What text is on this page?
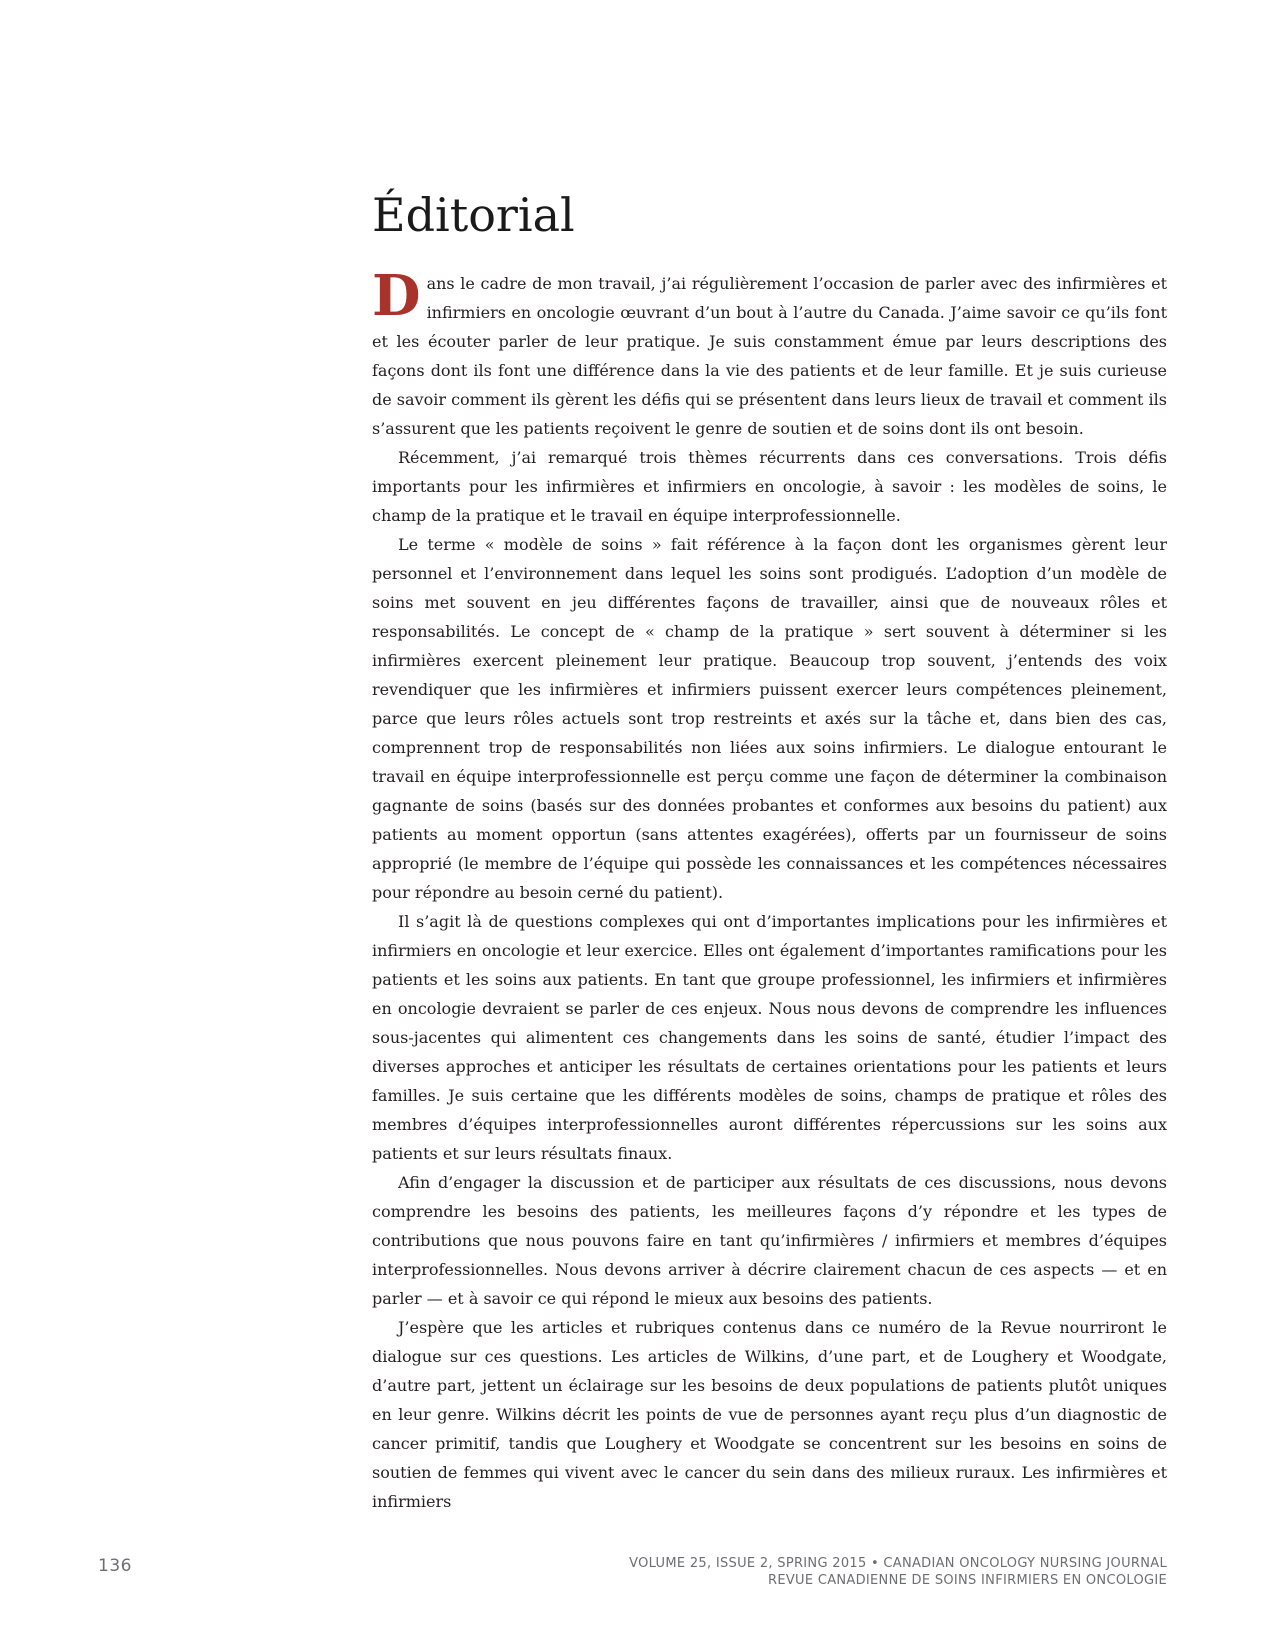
Éditorial

Dans le cadre de mon travail, j’ai régulièrement l’occasion de parler avec des infirmières et infirmiers en oncologie œuvrant d’un bout à l’autre du Canada. J’aime savoir ce qu’ils font et les écouter parler de leur pratique. Je suis constamment émue par leurs descriptions des façons dont ils font une différence dans la vie des patients et de leur famille. Et je suis curieuse de savoir comment ils gèrent les défis qui se présentent dans leurs lieux de travail et comment ils s’assurent que les patients reçoivent le genre de soutien et de soins dont ils ont besoin.

Récemment, j’ai remarqué trois thèmes récurrents dans ces conversations. Trois défis importants pour les infirmières et infirmiers en oncologie, à savoir : les modèles de soins, le champ de la pratique et le travail en équipe interprofessionnelle.

Le terme « modèle de soins » fait référence à la façon dont les organismes gèrent leur personnel et l’environnement dans lequel les soins sont prodigués. L’adoption d’un modèle de soins met souvent en jeu différentes façons de travailler, ainsi que de nouveaux rôles et responsabilités. Le concept de « champ de la pratique » sert souvent à déterminer si les infirmières exercent pleinement leur pratique. Beaucoup trop souvent, j’entends des voix revendiquer que les infirmières et infirmiers puissent exercer leurs compétences pleinement, parce que leurs rôles actuels sont trop restreints et axés sur la tâche et, dans bien des cas, comprennent trop de responsabilités non liées aux soins infirmiers. Le dialogue entourant le travail en équipe interprofessionnelle est perçu comme une façon de déterminer la combinaison gagnante de soins (basés sur des données probantes et conformes aux besoins du patient) aux patients au moment opportun (sans attentes exagérées), offerts par un fournisseur de soins approprié (le membre de l’équipe qui possède les connaissances et les compétences nécessaires pour répondre au besoin cerné du patient).

Il s’agit là de questions complexes qui ont d’importantes implications pour les infirmières et infirmiers en oncologie et leur exercice. Elles ont également d’importantes ramifications pour les patients et les soins aux patients. En tant que groupe professionnel, les infirmiers et infirmières en oncologie devraient se parler de ces enjeux. Nous nous devons de comprendre les influences sous-jacentes qui alimentent ces changements dans les soins de santé, étudier l’impact des diverses approches et anticiper les résultats de certaines orientations pour les patients et leurs familles. Je suis certaine que les différents modèles de soins, champs de pratique et rôles des membres d’équipes interprofessionnelles auront différentes répercussions sur les soins aux patients et sur leurs résultats finaux.

Afin d’engager la discussion et de participer aux résultats de ces discussions, nous devons comprendre les besoins des patients, les meilleures façons d’y répondre et les types de contributions que nous pouvons faire en tant qu’infirmières / infirmiers et membres d’équipes interprofessionnelles. Nous devons arriver à décrire clairement chacun de ces aspects — et en parler — et à savoir ce qui répond le mieux aux besoins des patients.

J’espère que les articles et rubriques contenus dans ce numéro de la Revue nourriront le dialogue sur ces questions. Les articles de Wilkins, d’une part, et de Loughery et Woodgate, d’autre part, jettent un éclairage sur les besoins de deux populations de patients plutôt uniques en leur genre. Wilkins décrit les points de vue de personnes ayant reçu plus d’un diagnostic de cancer primitif, tandis que Loughery et Woodgate se concentrent sur les besoins en soins de soutien de femmes qui vivent avec le cancer du sein dans des milieux ruraux. Les infirmières et infirmiers

136	VOLUME 25, ISSUE 2, SPRING 2015 • CANADIAN ONCOLOGY NURSING JOURNAL
REVUE CANADIENNE DE SOINS INFIRMIERS EN ONCOLOGIE
